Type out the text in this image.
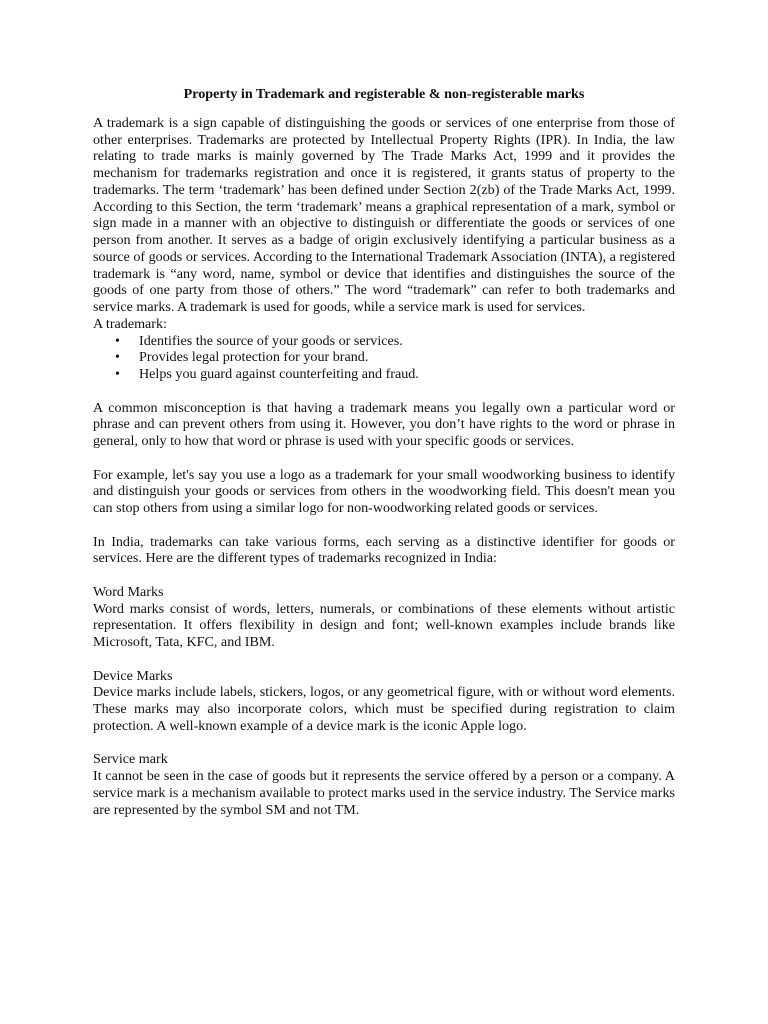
Property in Trademark and registerable & non-registerable marks

A trademark is a sign capable of distinguishing the goods or services of one enterprise from those of other enterprises. Trademarks are protected by Intellectual Property Rights (IPR). In India, the law relating to trade marks is mainly governed by The Trade Marks Act, 1999 and it provides the mechanism for trademarks registration and once it is registered, it grants status of property to the trademarks. The term ‘trademark’ has been defined under Section 2(zb) of the Trade Marks Act, 1999. According to this Section, the term ‘trademark’ means a graphical representation of a mark, symbol or sign made in a manner with an objective to distinguish or differentiate the goods or services of one person from another. It serves as a badge of origin exclusively identifying a particular business as a source of goods or services. According to the International Trademark Association (INTA), a registered trademark is “any word, name, symbol or device that identifies and distinguishes the source of the goods of one party from those of others.” The word “trademark” can refer to both trademarks and service marks. A trademark is used for goods, while a service mark is used for services.

A trademark:

• Identifies the source of your goods or services.
• Provides legal protection for your brand.
• Helps you guard against counterfeiting and fraud.

A common misconception is that having a trademark means you legally own a particular word or phrase and can prevent others from using it. However, you don’t have rights to the word or phrase in general, only to how that word or phrase is used with your specific goods or services.

For example, let's say you use a logo as a trademark for your small woodworking business to identify and distinguish your goods or services from others in the woodworking field. This doesn't mean you can stop others from using a similar logo for non-woodworking related goods or services.

In India, trademarks can take various forms, each serving as a distinctive identifier for goods or services. Here are the different types of trademarks recognized in India:

Word Marks

Word marks consist of words, letters, numerals, or combinations of these elements without artistic representation. It offers flexibility in design and font; well-known examples include brands like Microsoft, Tata, KFC, and IBM.

Device Marks

Device marks include labels, stickers, logos, or any geometrical figure, with or without word elements. These marks may also incorporate colors, which must be specified during registration to claim protection. A well-known example of a device mark is the iconic Apple logo.

Service mark

It cannot be seen in the case of goods but it represents the service offered by a person or a company. A service mark is a mechanism available to protect marks used in the service industry. The Service marks are represented by the symbol SM and not TM.
